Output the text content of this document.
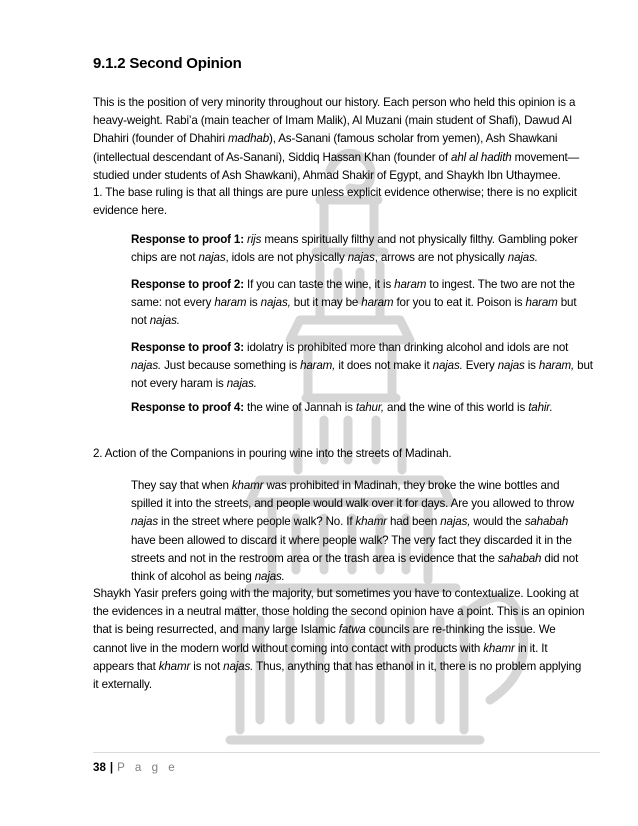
9.1.2 Second Opinion

This is the position of very minority throughout our history. Each person who held this opinion is a
heavy-weight. Rabi’a (main teacher of Imam Malik), Al Muzani (main student of Shafi), Dawud Al
Dhahiri (founder of Dhahiri madhab), As-Sanani (famous scholar from yemen), Ash Shawkani
(intellectual descendant of As-Sanani), Siddiq Hassan Khan (founder of ahl al hadith movement—
studied under students of Ash Shawkani), Ahmad Shakir of Egypt, and Shaykh Ibn Uthaymee.

1. The base ruling is that all things are pure unless explicit evidence otherwise; there is no explicit
evidence here.

Response to proof 1: rijs means spiritually filthy and not physically filthy. Gambling poker
chips are not najas, idols are not physically najas, arrows are not physically najas.

Response to proof 2: If you can taste the wine, it is haram to ingest. The two are not the
same: not every haram is najas, but it may be haram for you to eat it. Poison is haram but
not najas.

Response to proof 3: idolatry is prohibited more than drinking alcohol and idols are not
najas. Just because something is haram, it does not make it najas. Every najas is haram, but
not every haram is najas.

Response to proof 4: the wine of Jannah is tahur, and the wine of this world is tahir.

2. Action of the Companions in pouring wine into the streets of Madinah.

They say that when khamr was prohibited in Madinah, they broke the wine bottles and
spilled it into the streets, and people would walk over it for days. Are you allowed to throw
najas in the street where people walk? No. If khamr had been najas, would the sahabah
have been allowed to discard it where people walk? The very fact they discarded it in the
streets and not in the restroom area or the trash area is evidence that the sahabah did not
think of alcohol as being najas.

Shaykh Yasir prefers going with the majority, but sometimes you have to contextualize. Looking at
the evidences in a neutral matter, those holding the second opinion have a point. This is an opinion
that is being resurrected, and many large Islamic fatwa councils are re-thinking the issue. We
cannot live in the modern world without coming into contact with products with khamr in it. It
appears that khamr is not najas. Thus, anything that has ethanol in it, there is no problem applying
it externally.

38 | P a g e
